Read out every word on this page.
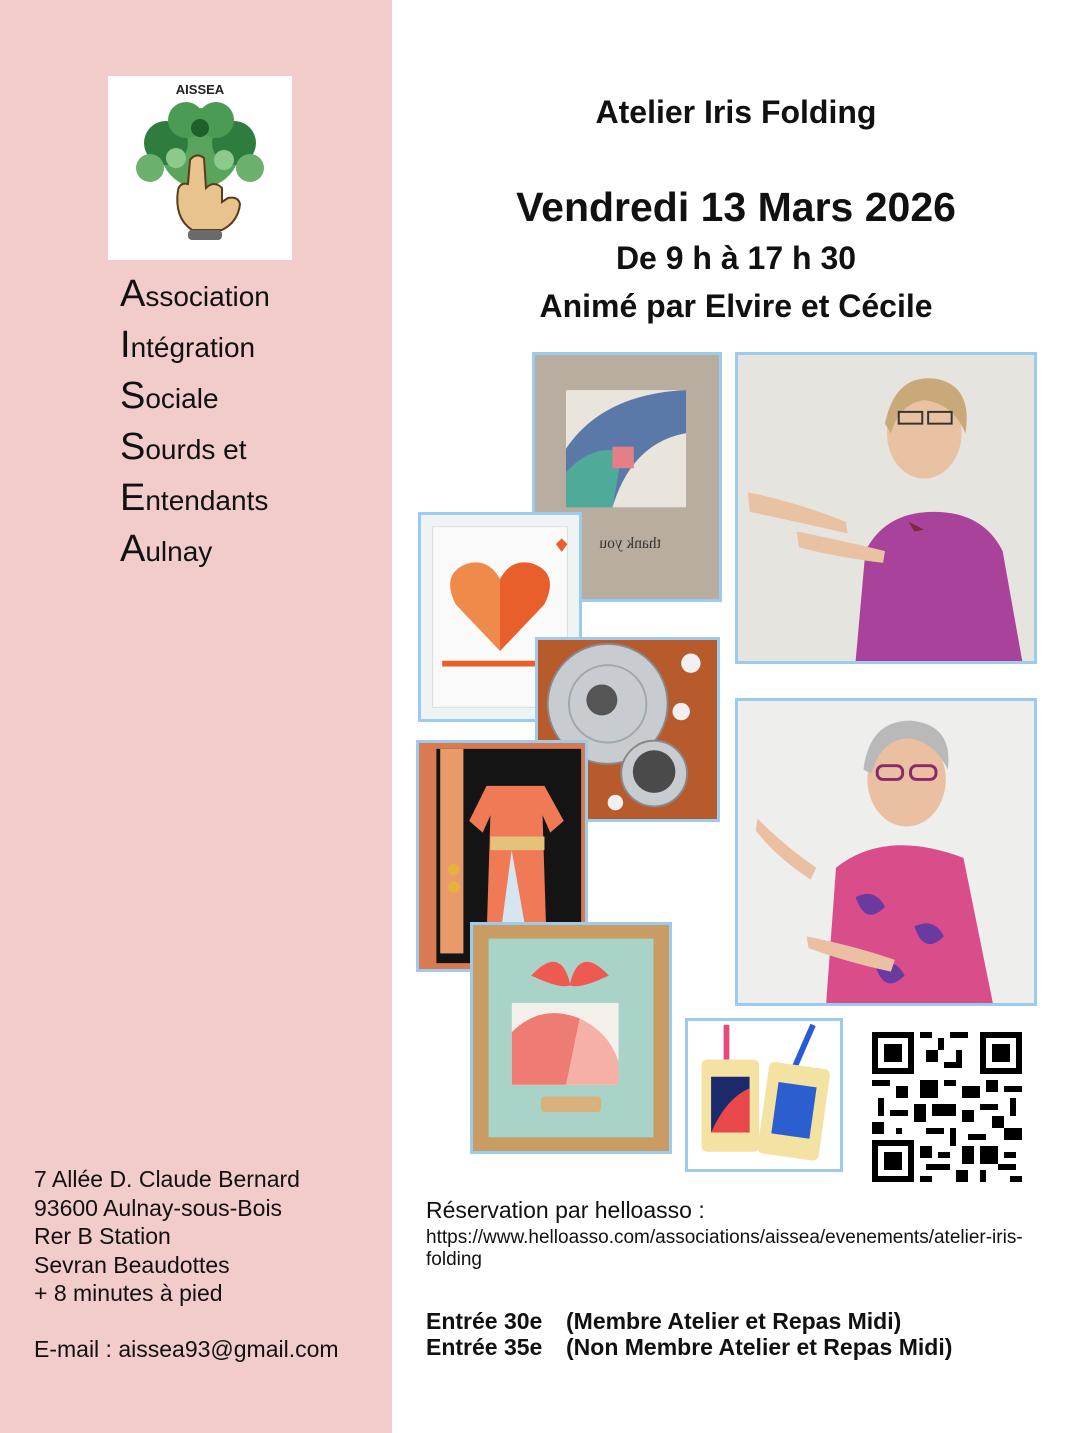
AISSEA
Association
Intégration
Sociale
Sourds et
Entendants
Aulnay
7 Allée D. Claude Bernard
93600 Aulnay-sous-Bois
Rer B Station
Sevran Beaudottes
+ 8 minutes à pied
E-mail : aissea93@gmail.com
Atelier Iris Folding
Vendredi 13 Mars 2026
De 9 h à 17 h 30
Animé par Elvire et Cécile
thank you
Réservation par helloasso :
https://www.helloasso.com/associations/aissea/evenements/atelier-iris-folding
Entrée 30e (Membre Atelier et Repas Midi)
Entrée 35e (Non Membre Atelier et Repas Midi)
